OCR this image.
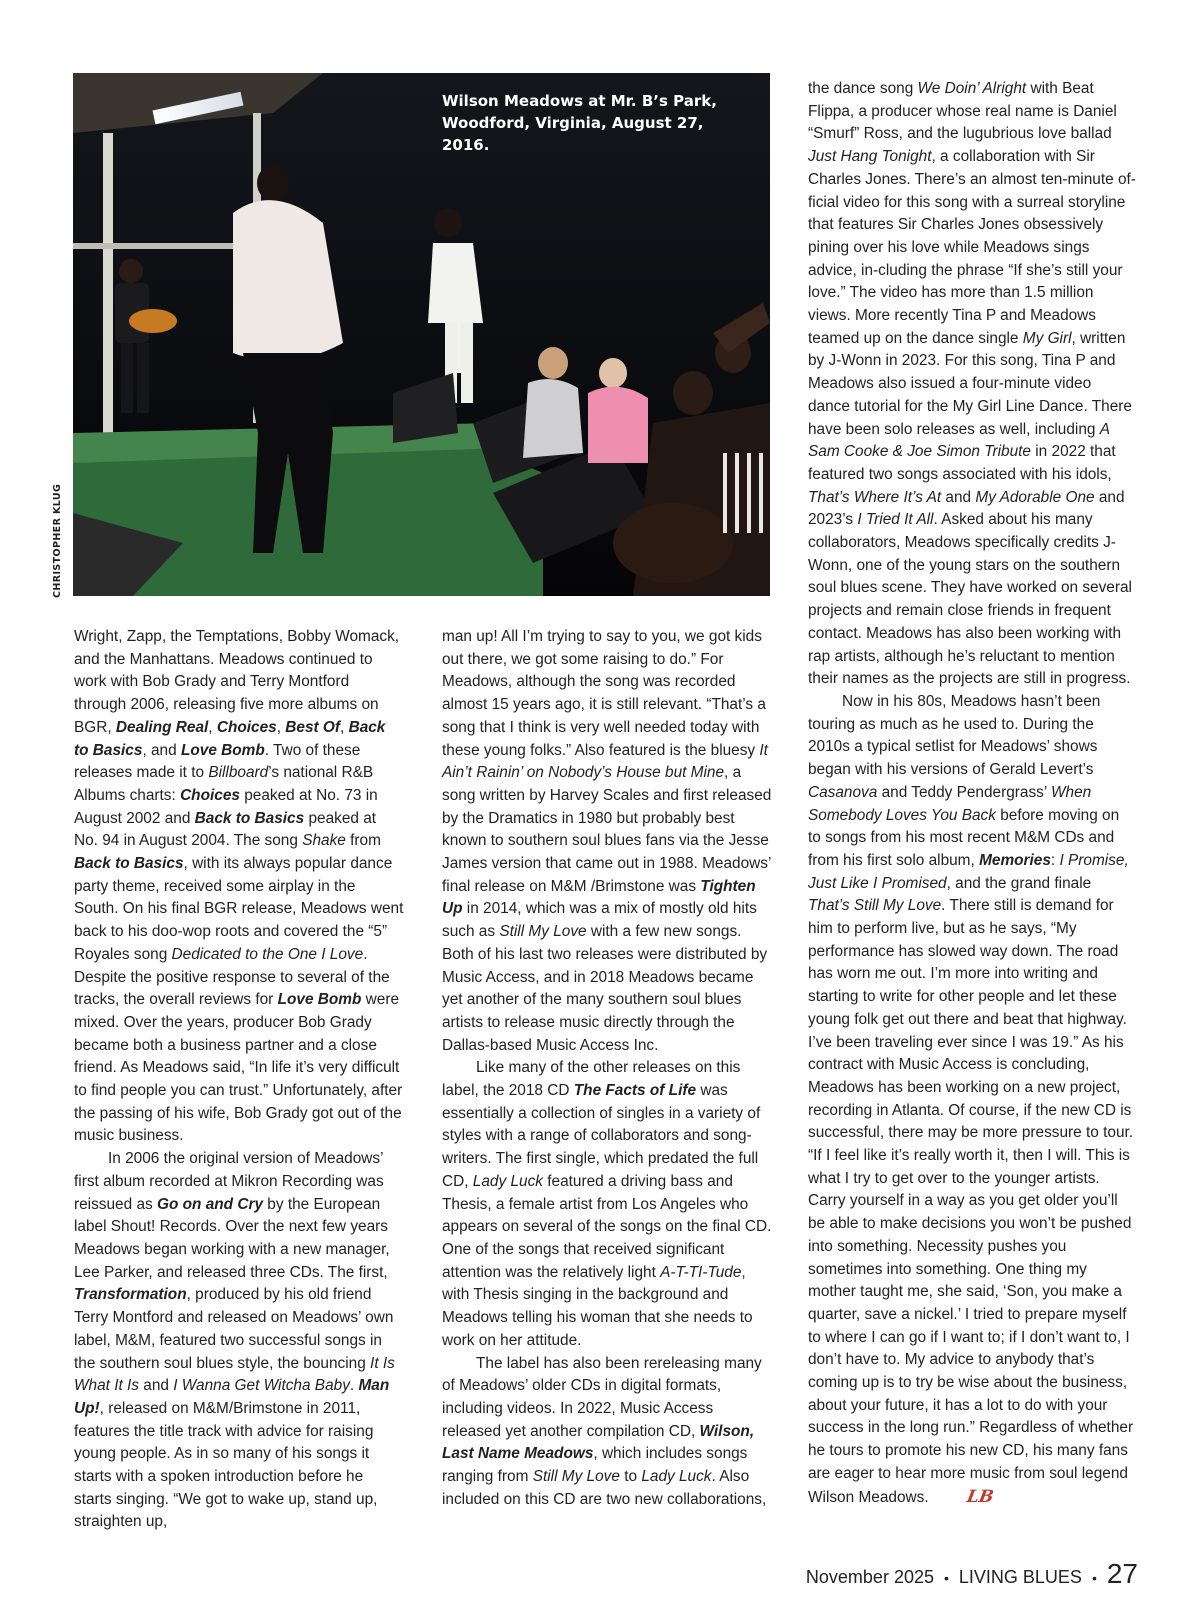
Wilson Meadows at Mr. B’s Park, Woodford, Virginia, August 27, 2016.
CHRISTOPHER KLUG

Wright, Zapp, the Temptations, Bobby Womack, and the Manhattans. Meadows continued to work with Bob Grady and Terry Montford through 2006, releasing five more albums on BGR, Dealing Real, Choices, Best Of, Back to Basics, and Love Bomb. Two of these releases made it to Billboard’s national R&B Albums charts: Choices peaked at No. 73 in August 2002 and Back to Basics peaked at No. 94 in August 2004. The song Shake from Back to Basics, with its always popular dance party theme, received some airplay in the South. On his final BGR release, Meadows went back to his doo-wop roots and covered the “5” Royales song Dedicated to the One I Love. Despite the positive response to several of the tracks, the overall reviews for Love Bomb were mixed. Over the years, producer Bob Grady became both a business partner and a close friend. As Meadows said, “In life it’s very difficult to find people you can trust.” Unfortunately, after the passing of his wife, Bob Grady got out of the music business.

In 2006 the original version of Meadows’ first album recorded at Mikron Recording was reissued as Go on and Cry by the European label Shout! Records. Over the next few years Meadows began working with a new manager, Lee Parker, and released three CDs. The first, Transformation, produced by his old friend Terry Montford and released on Meadows’ own label, M&M, featured two successful songs in the southern soul blues style, the bouncing It Is What It Is and I Wanna Get Witcha Baby. Man Up!, released on M&M/Brimstone in 2011, features the title track with advice for raising young people. As in so many of his songs it starts with a spoken introduction before he starts singing. “We got to wake up, stand up, straighten up,

man up! All I’m trying to say to you, we got kids out there, we got some raising to do.” For Meadows, although the song was recorded almost 15 years ago, it is still relevant. “That’s a song that I think is very well needed today with these young folks.” Also featured is the bluesy It Ain’t Rainin’ on Nobody’s House but Mine, a song written by Harvey Scales and first released by the Dramatics in 1980 but probably best known to southern soul blues fans via the Jesse James version that came out in 1988. Meadows’ final release on M&M /Brimstone was Tighten Up in 2014, which was a mix of mostly old hits such as Still My Love with a few new songs. Both of his last two releases were distributed by Music Access, and in 2018 Meadows became yet another of the many southern soul blues artists to release music directly through the Dallas-based Music Access Inc.

Like many of the other releases on this label, the 2018 CD The Facts of Life was essentially a collection of singles in a variety of styles with a range of collaborators and song-writers. The first single, which predated the full CD, Lady Luck featured a driving bass and Thesis, a female artist from Los Angeles who appears on several of the songs on the final CD. One of the songs that received significant attention was the relatively light A-T-TI-Tude, with Thesis singing in the background and Meadows telling his woman that she needs to work on her attitude.

The label has also been rereleasing many of Meadows’ older CDs in digital formats, including videos. In 2022, Music Access released yet another compilation CD, Wilson, Last Name Meadows, which includes songs ranging from Still My Love to Lady Luck. Also included on this CD are two new collaborations,

the dance song We Doin’ Alright with Beat Flippa, a producer whose real name is Daniel “Smurf” Ross, and the lugubrious love ballad Just Hang Tonight, a collaboration with Sir Charles Jones. There’s an almost ten-minute of-ficial video for this song with a surreal storyline that features Sir Charles Jones obsessively pining over his love while Meadows sings advice, in-cluding the phrase “If she’s still your love.” The video has more than 1.5 million views. More recently Tina P and Meadows teamed up on the dance single My Girl, written by J-Wonn in 2023. For this song, Tina P and Meadows also issued a four-minute video dance tutorial for the My Girl Line Dance. There have been solo releases as well, including A Sam Cooke & Joe Simon Tribute in 2022 that featured two songs associated with his idols, That’s Where It’s At and My Adorable One and 2023’s I Tried It All. Asked about his many collaborators, Meadows specifically credits J-Wonn, one of the young stars on the southern soul blues scene. They have worked on several projects and remain close friends in frequent contact. Meadows has also been working with rap artists, although he’s reluctant to mention their names as the projects are still in progress.

Now in his 80s, Meadows hasn’t been touring as much as he used to. During the 2010s a typical setlist for Meadows’ shows began with his versions of Gerald Levert’s Casanova and Teddy Pendergrass’ When Somebody Loves You Back before moving on to songs from his most recent M&M CDs and from his first solo album, Memories: I Promise, Just Like I Promised, and the grand finale That’s Still My Love. There still is demand for him to perform live, but as he says, “My performance has slowed way down. The road has worn me out. I’m more into writing and starting to write for other people and let these young folk get out there and beat that highway. I’ve been traveling ever since I was 19.” As his contract with Music Access is concluding, Meadows has been working on a new project, recording in Atlanta. Of course, if the new CD is successful, there may be more pressure to tour. “If I feel like it’s really worth it, then I will. This is what I try to get over to the younger artists. Carry yourself in a way as you get older you’ll be able to make decisions you won’t be pushed into something. Necessity pushes you sometimes into something. One thing my mother taught me, she said, ‘Son, you make a quarter, save a nickel.’ I tried to prepare myself to where I can go if I want to; if I don’t want to, I don’t have to. My advice to anybody that’s coming up is to try be wise about the business, about your future, it has a lot to do with your success in the long run.” Regardless of whether he tours to promote his new CD, his many fans are eager to hear more music from soul legend Wilson Meadows. LB

November 2025 • LIVING BLUES • 27
